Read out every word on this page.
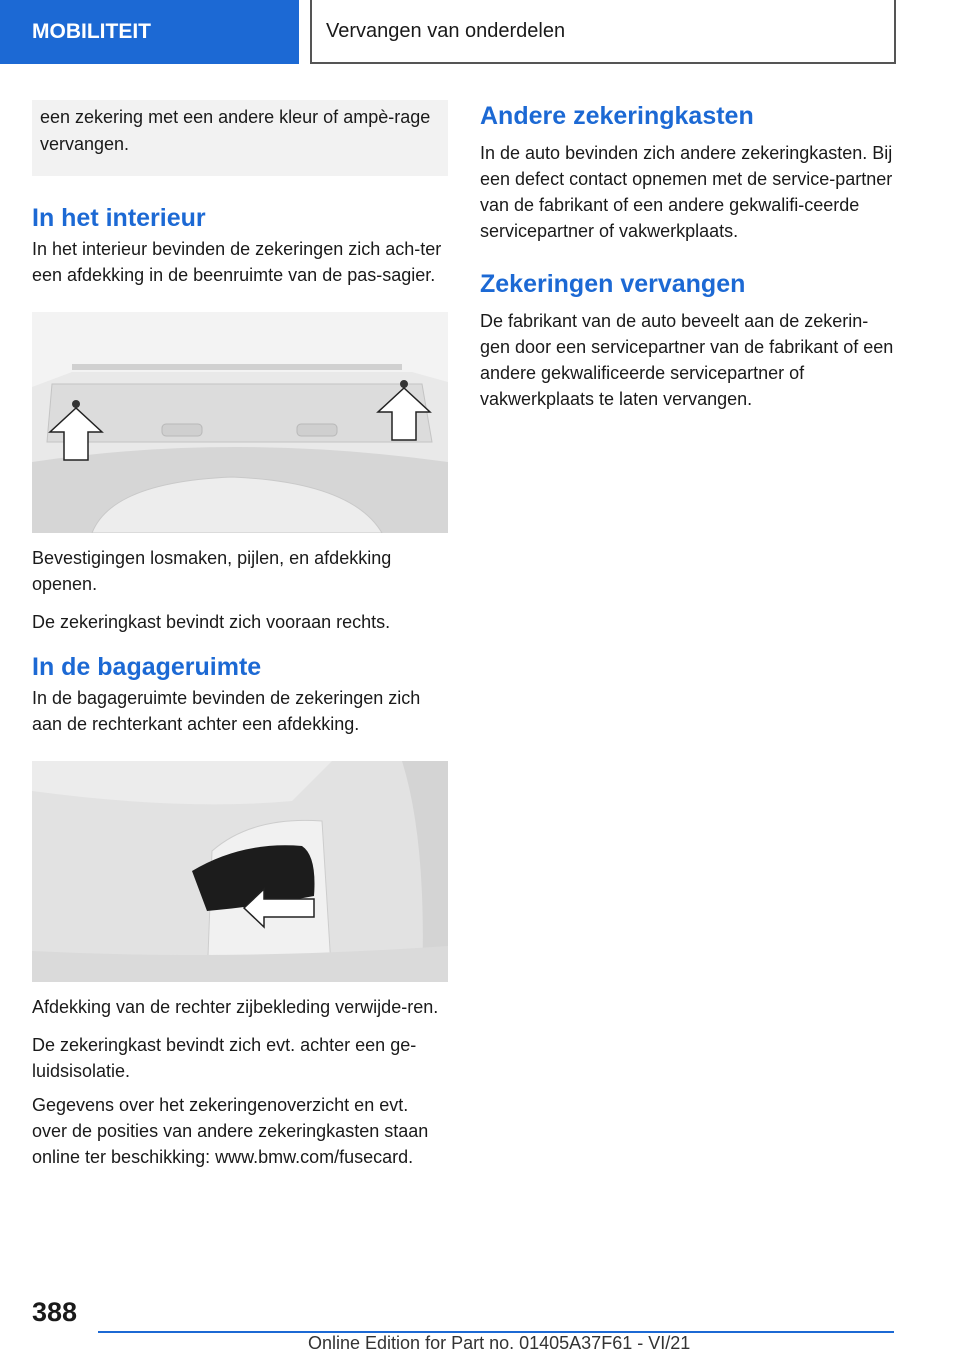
MOBILITEIT	Vervangen van onderdelen
een zekering met een andere kleur of ampè-rage vervangen.
In het interieur

In het interieur bevinden de zekeringen zich ach-ter een afdekking in de beenruimte van de pas-sagier.

Bevestigingen losmaken, pijlen, en afdekking openen.

De zekeringkast bevindt zich vooraan rechts.

In de bagageruimte

In de bagageruimte bevinden de zekeringen zich aan de rechterkant achter een afdekking.

Afdekking van de rechter zijbekleding verwijde-ren.

De zekeringkast bevindt zich evt. achter een ge-luidsisolatie.

Gegevens over het zekeringenoverzicht en evt. over de posities van andere zekeringkasten staan online ter beschikking: www.bmw.com/fusecard.

Andere zekeringkasten

In de auto bevinden zich andere zekeringkasten. Bij een defect contact opnemen met de service-partner van de fabrikant of een andere gekwalifi-ceerde servicepartner of vakwerkplaats.

Zekeringen vervangen

De fabrikant van de auto beveelt aan de zekerin-gen door een servicepartner van de fabrikant of een andere gekwalificeerde servicepartner of vakwerkplaats te laten vervangen.

388
Online Edition for Part no. 01405A37F61 - VI/21
